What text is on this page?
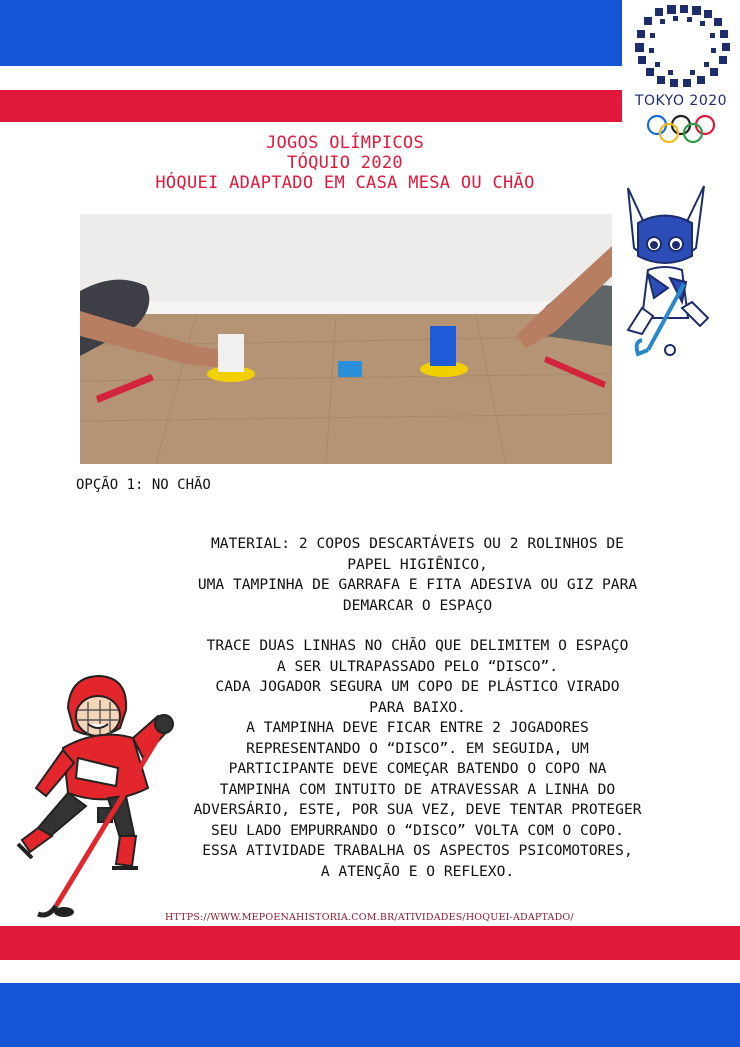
TOKYO 2020
JOGOS OLÍMPICOS
TÓQUIO 2020
HÓQUEI ADAPTADO EM CASA MESA OU CHÃO
OPÇÃO 1: NO CHÃO

MATERIAL: 2 COPOS DESCARTÁVEIS OU 2 ROLINHOS DE

PAPEL HIGIÊNICO,

UMA TAMPINHA DE GARRAFA E FITA ADESIVA OU GIZ PARA

DEMARCAR O ESPAÇO

TRACE DUAS LINHAS NO CHÃO QUE DELIMITEM O ESPAÇO

A SER ULTRAPASSADO PELO “DISCO”.

CADA JOGADOR SEGURA UM COPO DE PLÁSTICO VIRADO

PARA BAIXO.

A TAMPINHA DEVE FICAR ENTRE 2 JOGADORES

REPRESENTANDO O “DISCO”. EM SEGUIDA, UM

PARTICIPANTE DEVE COMEÇAR BATENDO O COPO NA

TAMPINHA COM INTUITO DE ATRAVESSAR A LINHA DO

ADVERSÁRIO, ESTE, POR SUA VEZ, DEVE TENTAR PROTEGER

SEU LADO EMPURRANDO O “DISCO” VOLTA COM O COPO.

ESSA ATIVIDADE TRABALHA OS ASPECTOS PSICOMOTORES,

A ATENÇÃO E O REFLEXO.

HTTPS://WWW.MEPOENAHISTORIA.COM.BR/ATIVIDADES/HOQUEI-ADAPTADO/
